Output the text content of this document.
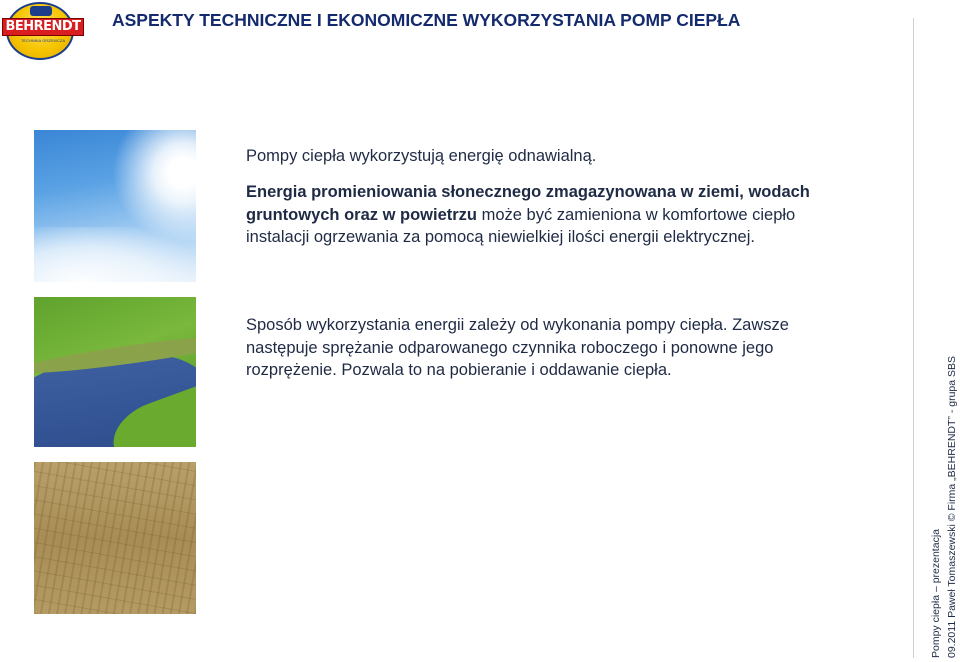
BEHRENDT
TECHNIKA GRZEWCZA
ASPEKTY TECHNICZNE I EKONOMICZNE WYKORZYSTANIA POMP CIEPŁA
Pompy ciepła wykorzystują energię odnawialną.
Energia promieniowania słonecznego zmagazynowana w ziemi, wodach gruntowych oraz w powietrzu może być zamieniona w komfortowe ciepło instalacji ogrzewania za pomocą niewielkiej ilości energii elektrycznej.
Sposób wykorzystania energii zależy od wykonania pompy ciepła. Zawsze następuje sprężanie odparowanego czynnika roboczego i ponowne jego rozprężenie. Pozwala to na pobieranie i oddawanie ciepła.
Pompy ciepła – prezentacja 09.2011 Paweł Tomaszewski © Firma „BEHRENDT” - grupa SBS
